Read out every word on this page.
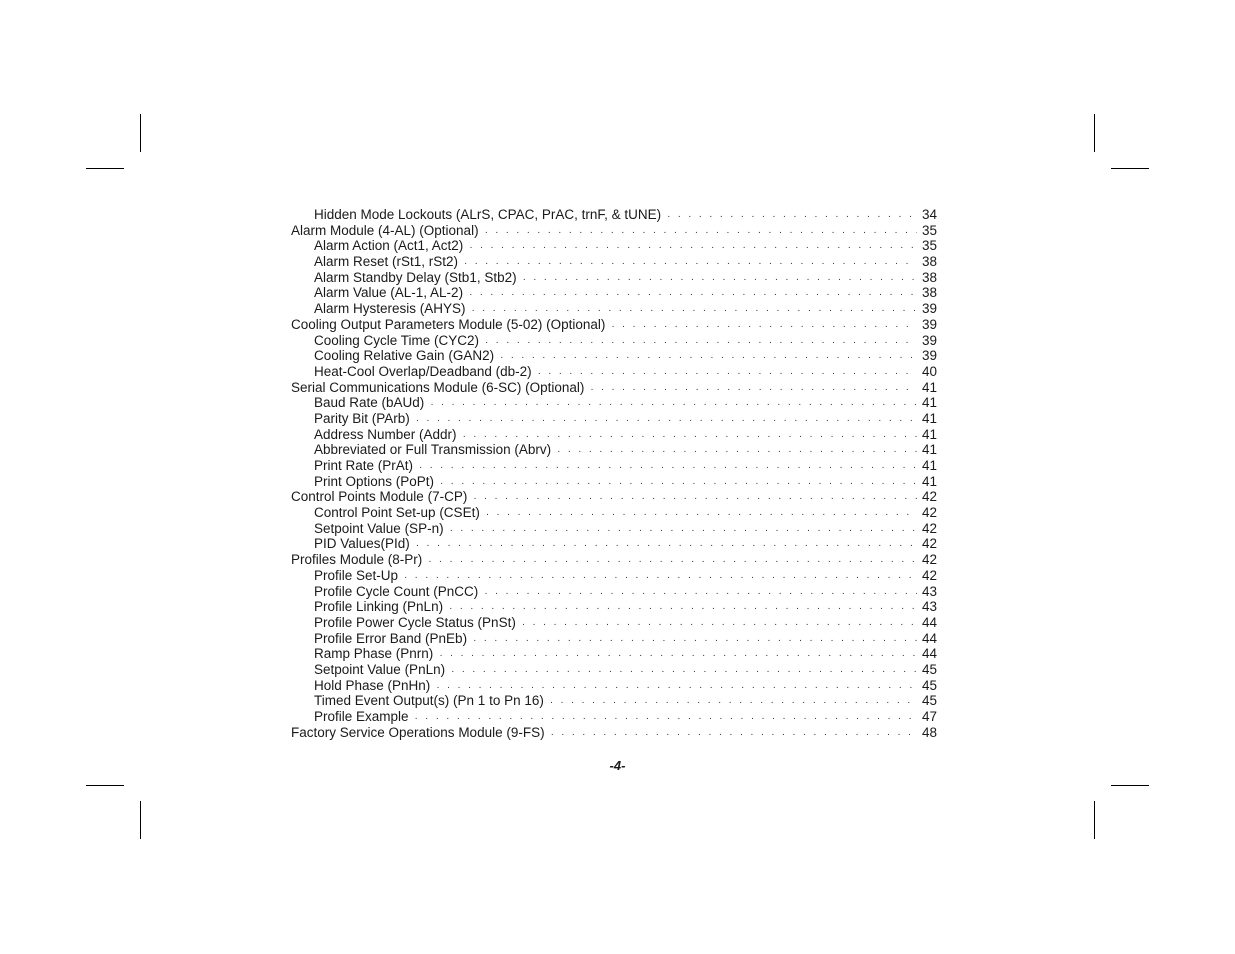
Hidden Mode Lockouts (ALrS, CPAC, PrAC, trnF, & tUNE) · · ·	34
Alarm Module (4-AL) (Optional) · · ·	35
Alarm Action (Act1, Act2) · · ·	35
Alarm Reset (rSt1, rSt2) · · ·	38
Alarm Standby Delay (Stb1, Stb2) · · ·	38
Alarm Value (AL-1, AL-2) · · ·	38
Alarm Hysteresis (AHYS) · · ·	39
Cooling Output Parameters Module (5-02) (Optional) · · ·	39
Cooling Cycle Time (CYC2) · · ·	39
Cooling Relative Gain (GAN2) · · ·	39
Heat-Cool Overlap/Deadband (db-2) · · ·	40
Serial Communications Module (6-SC) (Optional) · · ·	41
Baud Rate (bAUd) · · ·	41
Parity Bit (PArb) · · ·	41
Address Number (Addr) · · ·	41
Abbreviated or Full Transmission (Abrv) · · ·	41
Print Rate (PrAt) · · ·	41
Print Options (PoPt) · · ·	41
Control Points Module (7-CP) · · ·	42
Control Point Set-up (CSEt) · · ·	42
Setpoint Value (SP-n) · · ·	42
PID Values(PId) · · ·	42
Profiles Module (8-Pr) · · ·	42
Profile Set-Up · · ·	42
Profile Cycle Count (PnCC) · · ·	43
Profile Linking (PnLn) · · ·	43
Profile Power Cycle Status (PnSt) · · ·	44
Profile Error Band (PnEb) · · ·	44
Ramp Phase (Pnrn) · · ·	44
Setpoint Value (PnLn) · · ·	45
Hold Phase (PnHn) · · ·	45
Timed Event Output(s) (Pn 1 to Pn 16) · · ·	45
Profile Example · · ·	47
Factory Service Operations Module (9-FS) · · ·	48
-4-
